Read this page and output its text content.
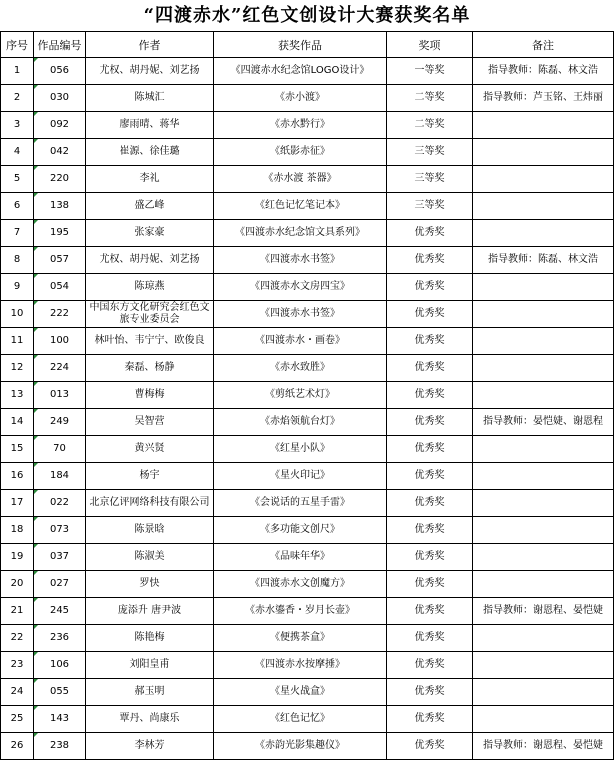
“四渡赤水”红色文创设计大赛获奖名单
序号	作品编号	作者	获奖作品	奖项	备注
1	056	尤权、胡丹妮、刘艺扬	《四渡赤水纪念馆LOGO设计》	一等奖	指导教师：陈磊、林文浩
2	030	陈城汇	《赤小渡》	二等奖	指导教师：芦玉铭、王炜丽
3	092	廖雨晴、蒋华	《赤水黔行》	二等奖	
4	042	崔源、徐佳璐	《纸影赤征》	三等奖	
5	220	李礼	《赤水渡 茶器》	三等奖	
6	138	盛乙峰	《红色记忆笔记本》	三等奖	
7	195	张家豪	《四渡赤水纪念馆文具系列》	优秀奖	
8	057	尤权、胡丹妮、刘艺扬	《四渡赤水书签》	优秀奖	指导教师：陈磊、林文浩
9	054	陈琼燕	《四渡赤水文房四宝》	优秀奖	
10	222	中国东方文化研究会红色文旅专业委员会	《四渡赤水书签》	优秀奖	
11	100	林叶怡、韦宁宁、欧俊良	《四渡赤水・画卷》	优秀奖	
12	224	秦磊、杨静	《赤水致胜》	优秀奖	
13	013	曹梅梅	《剪纸艺术灯》	优秀奖	
14	249	吴智营	《赤焰领航台灯》	优秀奖	指导教师：晏恺婕、谢恩程
15	70	黄兴贤	《红星小队》	优秀奖	
16	184	杨宇	《星火印记》	优秀奖	
17	022	北京亿评网络科技有限公司	《会说话的五星手雷》	优秀奖	
18	073	陈景晗	《多功能文创尺》	优秀奖	
19	037	陈淑美	《品味年华》	优秀奖	
20	027	罗快	《四渡赤水文创魔方》	优秀奖	
21	245	庞添升 唐尹波	《赤水鎏香・岁月长壶》	优秀奖	指导教师：谢恩程、晏恺婕
22	236	陈艳梅	《便携茶盒》	优秀奖	
23	106	刘阳皇甫	《四渡赤水按摩捶》	优秀奖	
24	055	郝玉明	《星火战盒》	优秀奖	
25	143	覃丹、尚康乐	《红色记忆》	优秀奖	
26	238	李林芳	《赤韵光影集趣仪》	优秀奖	指导教师：谢恩程、晏恺婕
